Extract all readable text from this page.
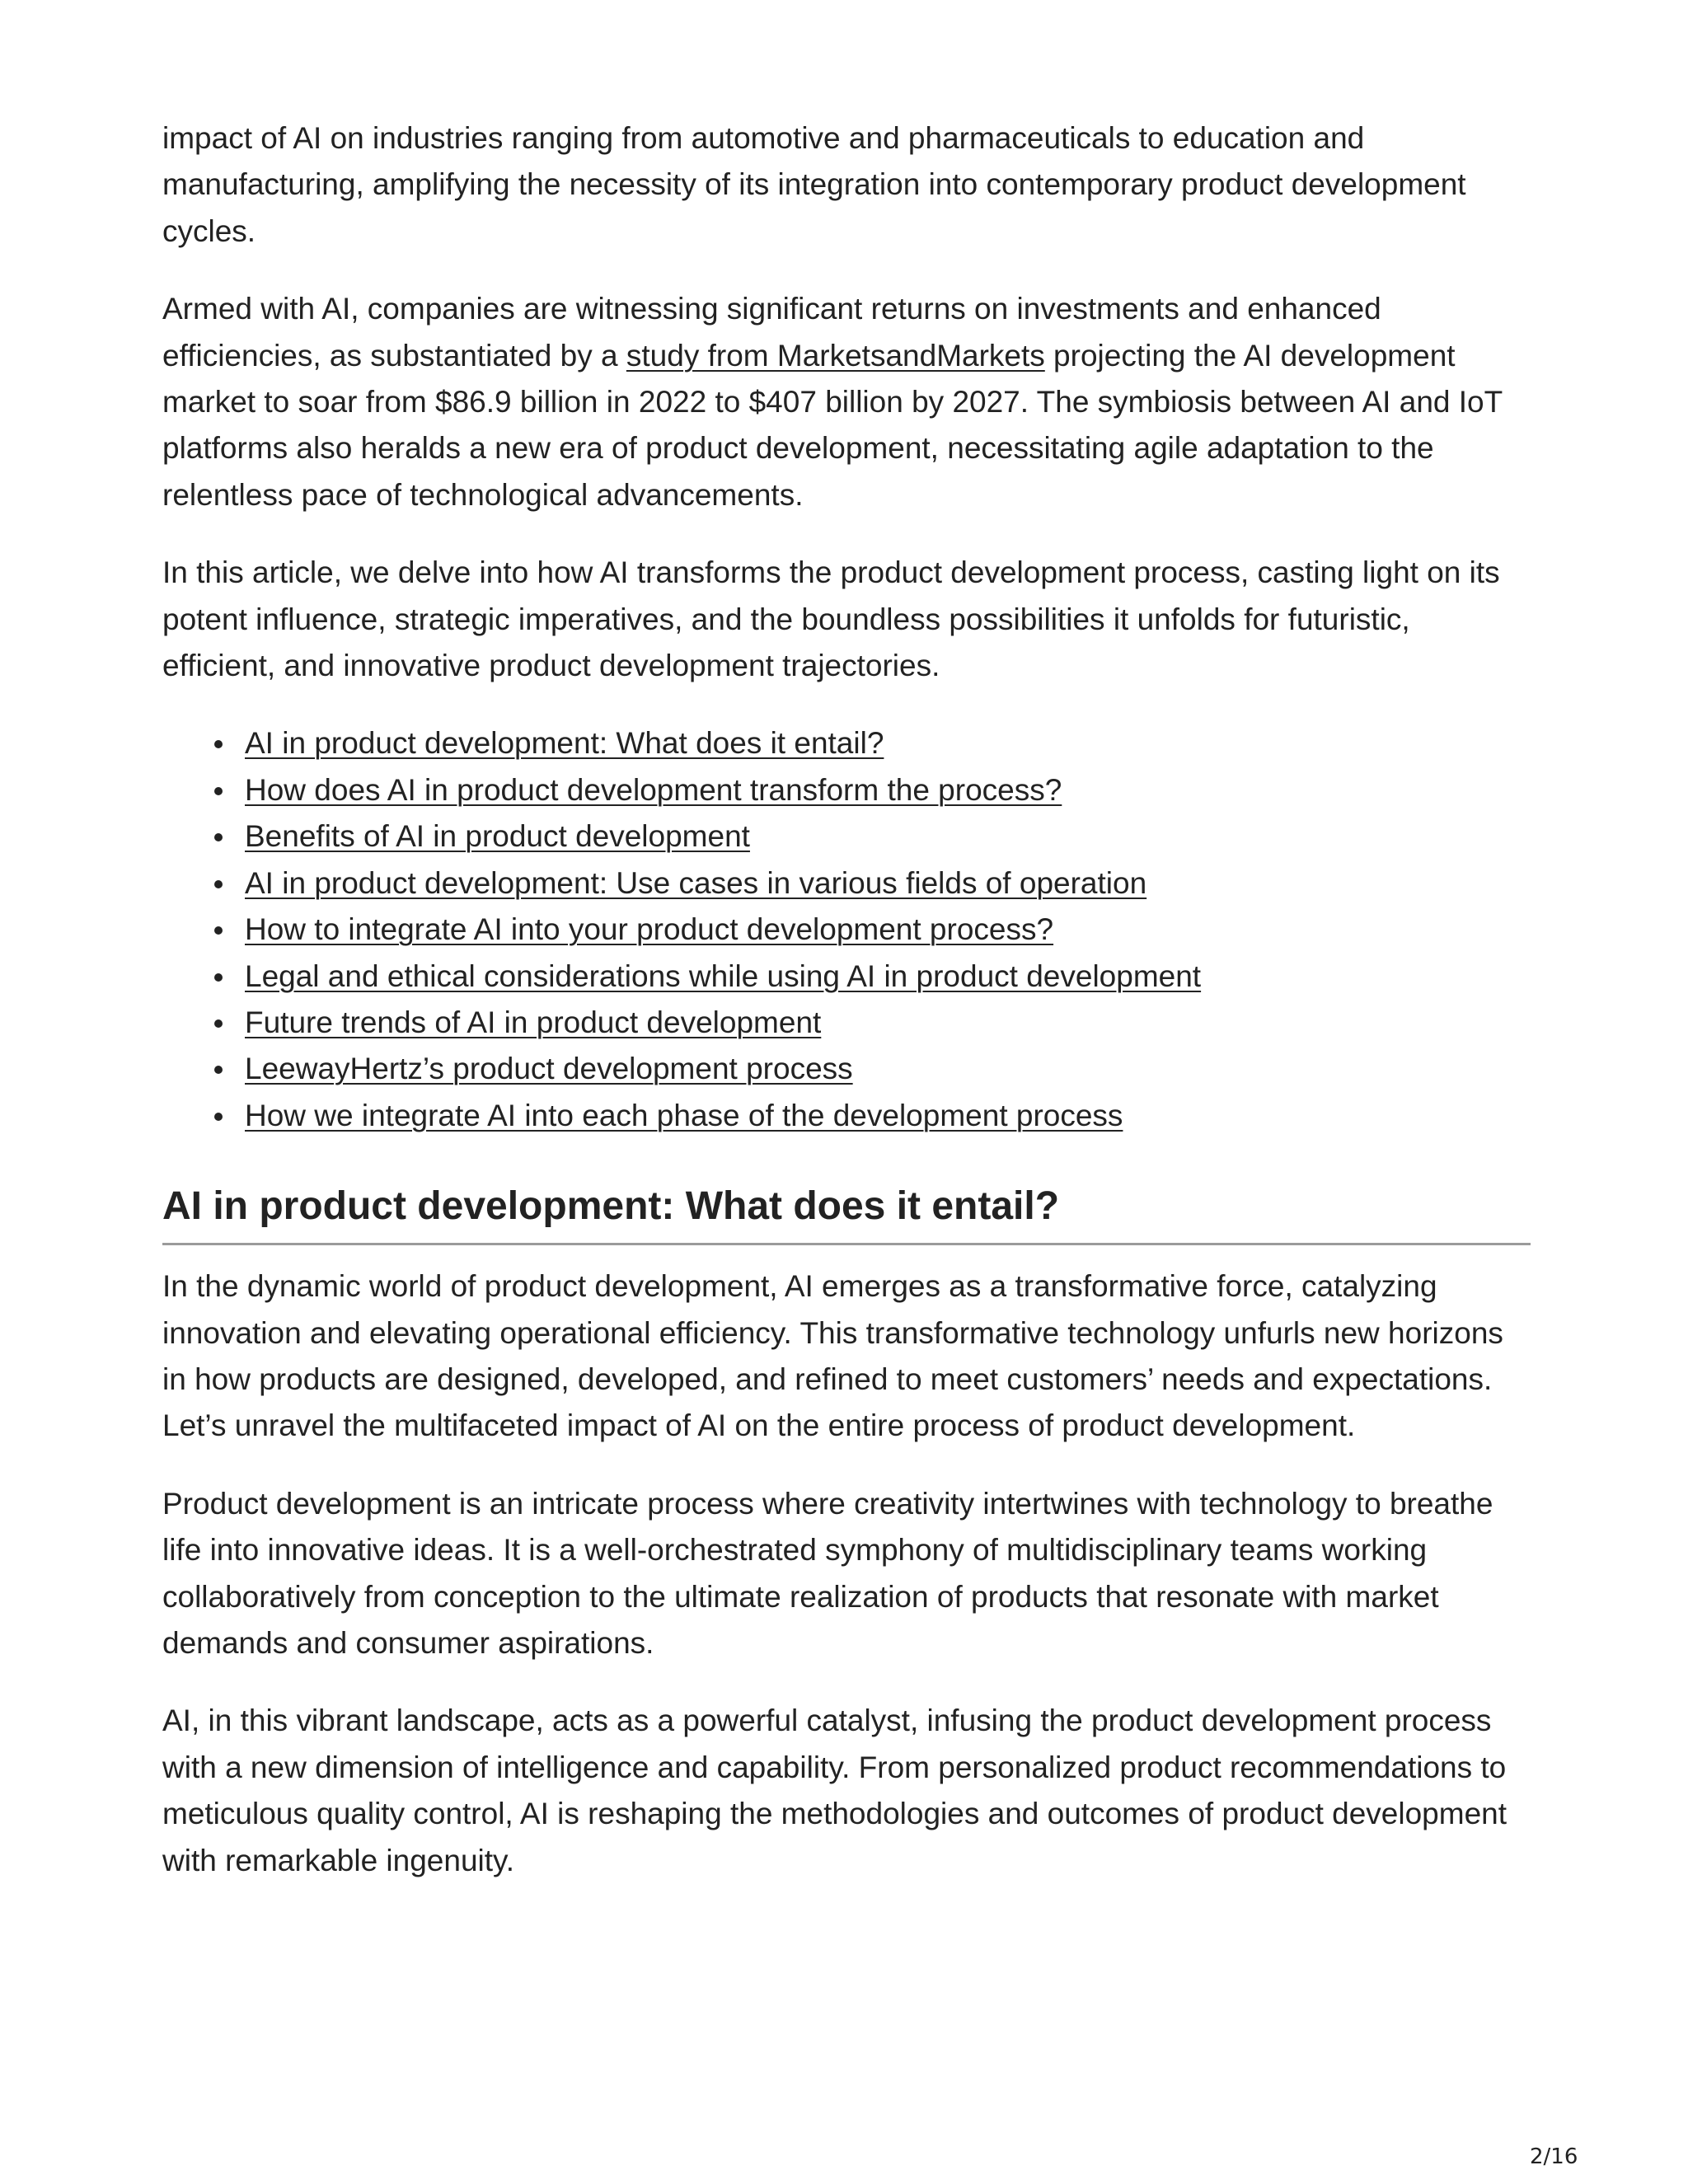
impact of AI on industries ranging from automotive and pharmaceuticals to education and manufacturing, amplifying the necessity of its integration into contemporary product development cycles.

Armed with AI, companies are witnessing significant returns on investments and enhanced efficiencies, as substantiated by a study from MarketsandMarkets projecting the AI development market to soar from $86.9 billion in 2022 to $407 billion by 2027. The symbiosis between AI and IoT platforms also heralds a new era of product development, necessitating agile adaptation to the relentless pace of technological advancements.

In this article, we delve into how AI transforms the product development process, casting light on its potent influence, strategic imperatives, and the boundless possibilities it unfolds for futuristic, efficient, and innovative product development trajectories.

AI in product development: What does it entail?
How does AI in product development transform the process?
Benefits of AI in product development
AI in product development: Use cases in various fields of operation
How to integrate AI into your product development process?
Legal and ethical considerations while using AI in product development
Future trends of AI in product development
LeewayHertz’s product development process
How we integrate AI into each phase of the development process
AI in product development: What does it entail?

In the dynamic world of product development, AI emerges as a transformative force, catalyzing innovation and elevating operational efficiency. This transformative technology unfurls new horizons in how products are designed, developed, and refined to meet customers’ needs and expectations. Let’s unravel the multifaceted impact of AI on the entire process of product development.

Product development is an intricate process where creativity intertwines with technology to breathe life into innovative ideas. It is a well-orchestrated symphony of multidisciplinary teams working collaboratively from conception to the ultimate realization of products that resonate with market demands and consumer aspirations.

AI, in this vibrant landscape, acts as a powerful catalyst, infusing the product development process with a new dimension of intelligence and capability. From personalized product recommendations to meticulous quality control, AI is reshaping the methodologies and outcomes of product development with remarkable ingenuity.

2/16
